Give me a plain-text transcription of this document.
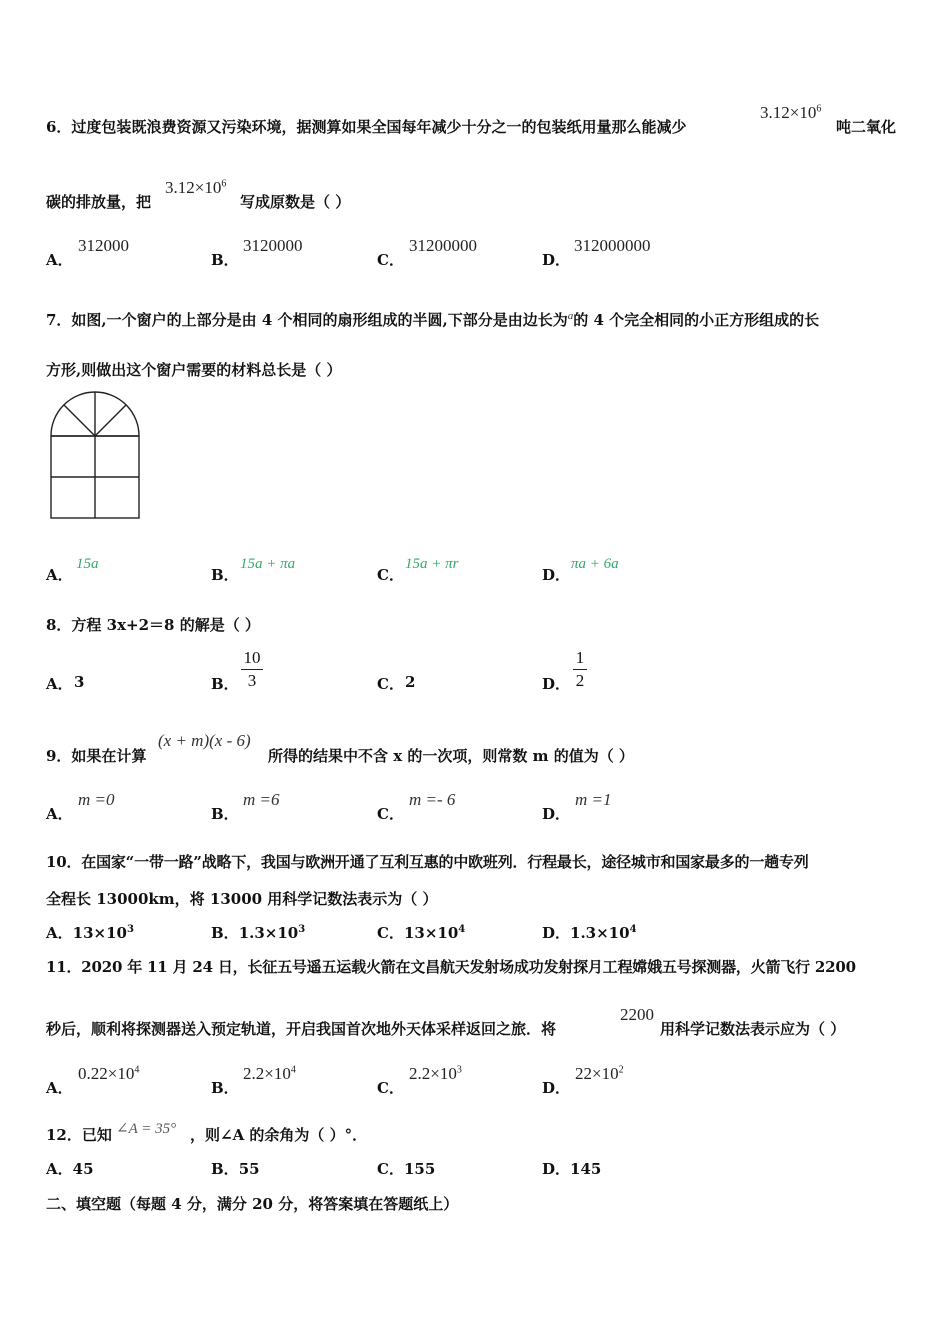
6．过度包装既浪费资源又污染环境，据测算如果全国每年减少十分之一的包装纸用量那么能减少
$3.12\times 10^6$
吨二氧化
碳的排放量，把
$3.12\times 10^6$
写成原数是（ ）
A．
312000
B．
3120000
C．
31200000
D．
312000000
7．如图,一个窗户的上部分是由 4 个相同的扇形组成的半圆,下部分是由边长为$^a$的 4 个完全相同的小正方形组成的长
方形,则做出这个窗户需要的材料总长是（ ）
A．
15a
B．
15a + πa
C．
15a + πr
D．
πa + 6a
8．方程 3x+2＝8 的解是（ ）
A． 3	B．
10
3	C． 2	D．
1
2
9．如果在计算
(x + m)(x - 6)
所得的结果中不含 x 的一次项，则常数 m 的值为（ ）
A．
m =0
B．
m =6
C．
m =- 6
D．
m =1
10．在国家“一带一路”战略下，我国与欧洲开通了互利互惠的中欧班列．行程最长，途径城市和国家最多的一趟专列
全程长 13000km，将 13000 用科学记数法表示为（ ）
A．$13\times 10^3$	B．$1.3\times 10^3$	C．$13\times 10^4$	D．$1.3\times 10^4$
11．2020 年 11 月 24 日，长征五号遥五运载火箭在文昌航天发射场成功发射探月工程嫦娥五号探测器，火箭飞行 2200
秒后，顺利将探测器送入预定轨道，开启我国首次地外天体采样返回之旅．将
2200
用科学记数法表示应为（ ）
A．
$0.22\times 10^4$
B．
$2.2\times 10^4$
C．
$2.2\times 10^3$
D．
$22\times 10^2$
12．已知 ∠A = 35° ，则∠A 的余角为（ ）°．
A．45	B．55	C．155	D．145
二、填空题（每题 4 分，满分 20 分，将答案填在答题纸上）
